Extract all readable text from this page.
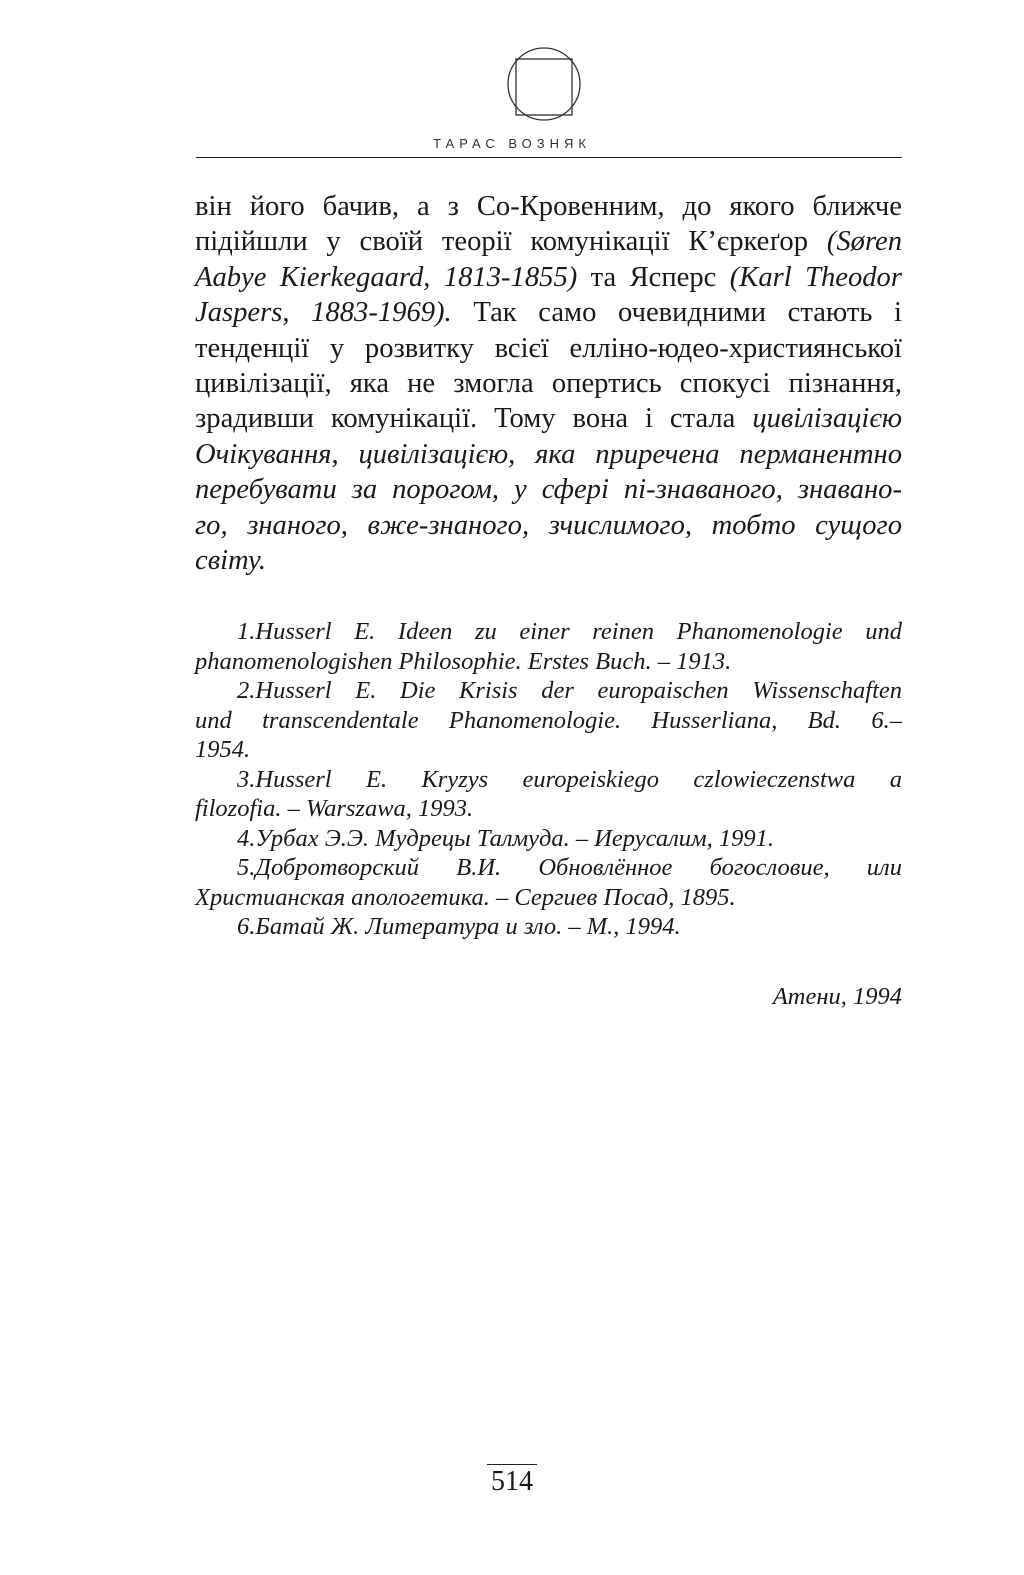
ТАРАС ВОЗНЯК
він його бачив, а з Со-Кровенним, до якого ближче
підійшли у своїй теорії комунікації К’єркеґор (Søren
Aabye Kierkegaard, 1813-1855) та Ясперс (Karl Theodor
Jaspers, 1883-1969). Так само очевидними стають і
тенденції у розвитку всієї елліно-юдео-християнської
цивілізації, яка не змогла опертись спокусі пізнання,
зрадивши комунікації. Тому вона і стала цивілізацією
Очікування, цивілізацією, яка приречена перманентно
перебувати за порогом, у сфері пі-знаваного, знавано-
го, знаного, вже-знаного, зчислимого, тобто сущого
світу.
1.Husserl E. Ideen zu einer reinen Phanomenologie und
phanomenologishen Philosophie. Erstes Buch. – 1913.
2.Husserl E. Die Krisis der europaischen Wissenschaften
und transcendentale Phanomenologie. Husserliana, Bd. 6.–
1954.
3.Husserl E. Kryzys europeiskiego czlowieczenstwa a
filozofia. – Warszawa, 1993.
4.Урбах Э.Э. Мудрецы Талмуда. – Иерусалим, 1991.
5.Добротворский В.И. Обновлённое богословие, или
Христианская апологетика. – Сергиев Посад, 1895.
6.Батай Ж. Литература и зло. – М., 1994.
Атени, 1994
514
